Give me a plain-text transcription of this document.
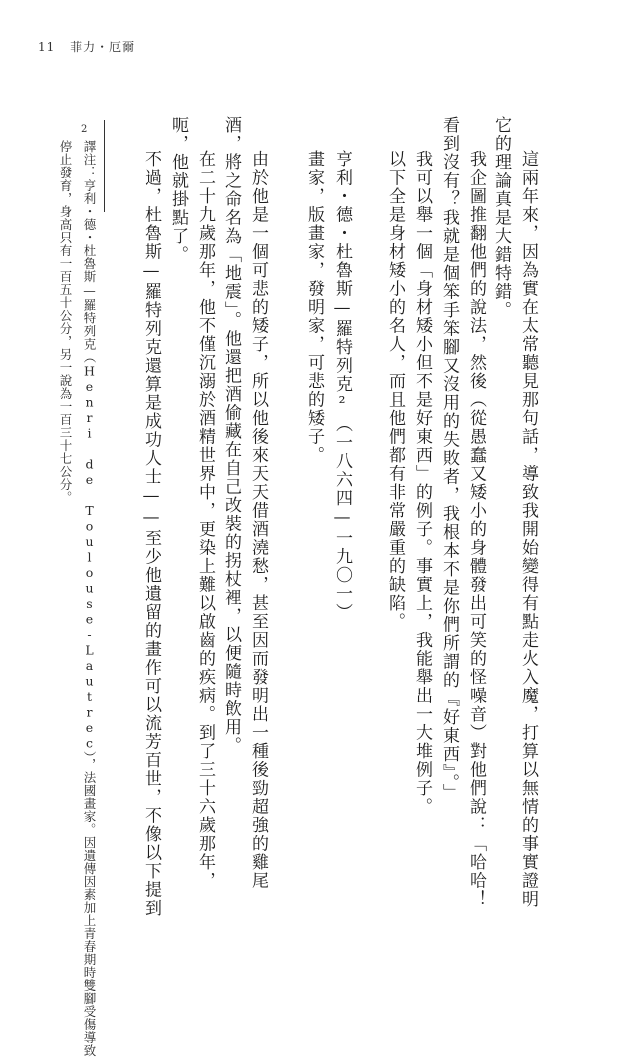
11 菲力・厄爾
這兩年來，因為實在太常聽見那句話，導致我開始變得有點走火入魔，打算以無情的事實證明
它的理論真是大錯特錯。
我企圖推翻他們的說法，然後（從愚蠢又矮小的身體發出可笑的怪噪音）對他們說：「哈哈！
看到沒有？我就是個笨手笨腳又沒用的失敗者，我根本不是你們所謂的『好東西』。」
我可以舉一個「身材矮小但不是好東西」的例子。事實上，我能舉出一大堆例子。
以下全是身材矮小的名人，而且他們都有非常嚴重的缺陷。
亨利・德・杜魯斯—羅特列克²（一八六四—一九〇一）
畫家，版畫家，發明家，可悲的矮子。
由於他是一個可悲的矮子，所以他後來天天借酒澆愁，甚至因而發明出一種後勁超強的雞尾
酒，將之命名為「地震」。他還把酒偷藏在自己改裝的拐杖裡，以便隨時飲用。
在二十九歲那年，他不僅沉溺於酒精世界中，更染上難以啟齒的疾病。到了三十六歲那年，
呃，他就掛點了。
不過，杜魯斯—羅特列克還算是成功人士——至少他遺留的畫作可以流芳百世，不像以下提到
2
譯注：亨利・德・杜魯斯—羅特列克（Henri de Toulouse-Lautrec），法國畫家。因遺傳因素加上青春期時雙腳受傷導致
停止發育，身高只有一百五十公分，另一說為一百三十七公分。
